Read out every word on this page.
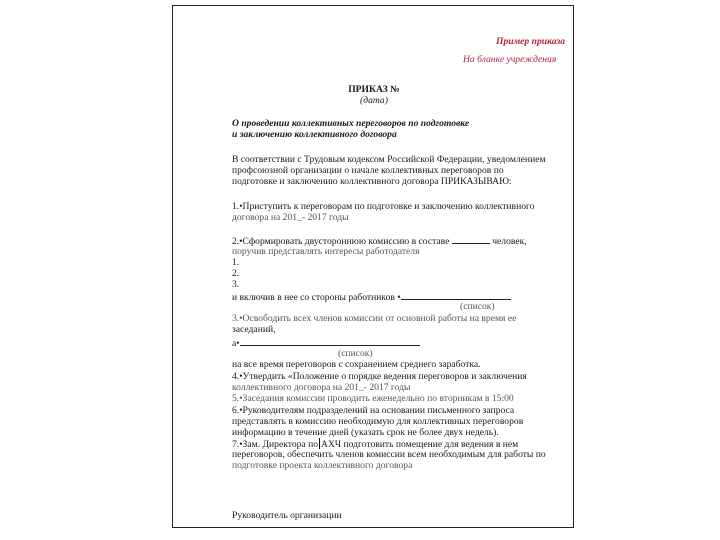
Пример приказа
На бланке учреждения
ПРИКАЗ №
(дата)
О проведении коллективных переговоров по подготовке
и заключению коллективного договора
В соответствии с Трудовым кодексом Российской Федерации, уведомлением
профсоюзной организации о начале коллективных переговоров по
подготовке и заключению коллективного договора ПРИКАЗЫВАЮ:
1.•Приступить к переговорам по подготовке и заключению коллективного
договора на 201_- 2017 годы
2.•Сформировать двустороннюю комиссию в составе	человек,
поручив представлять интересы работодателя
1.
2.
3.
и включив в нее со стороны работников •
(список)
3.•Освободить всех членов комиссии от основной работы на время ее
заседаний,
а•
(список)
на все время переговоров с сохранением среднего заработка.
4.•Утвердить «Положение о порядке ведения переговоров и заключения
коллективного договора на 201_- 2017 годы
5.•Заседания комиссии проводить еженедельно по вторникам в 15:00
6.•Руководителям подразделений на основании письменного запроса
представлять в комиссию необходимую для коллективных переговоров
информацию в течение дней (указать срок не более двух недель).
7.•Зам. Директора по АХЧ подготовить помещение для ведения в нем
переговоров, обеспечить членов комиссии всем необходимым для работы по
подготовке проекта коллективного договора
Руководитель организации
